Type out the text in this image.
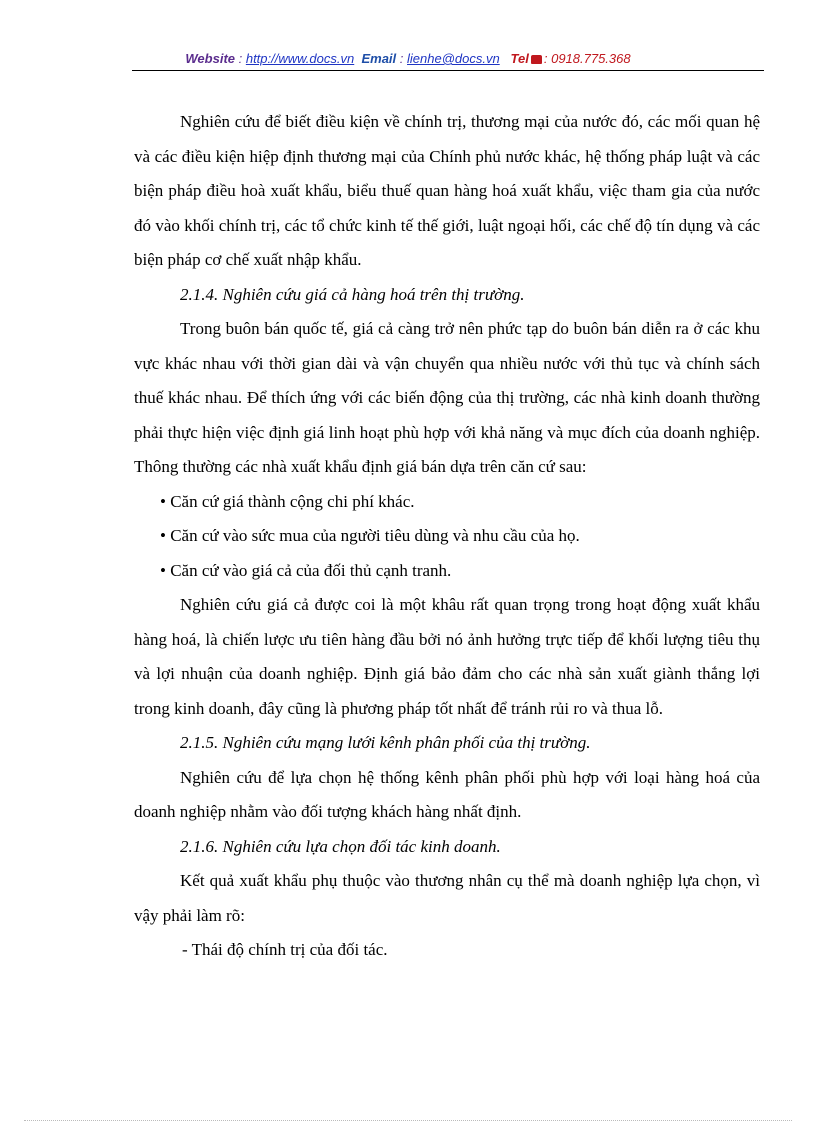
Website : http://www.docs.vn Email : lienhe@docs.vn Tel : 0918.775.368

Nghiên cứu để biết điều kiện về chính trị, thương mại của nước đó, các mối quan hệ và các điều kiện hiệp định thương mại của Chính phủ nước khác, hệ thống pháp luật và các biện pháp điều hoà xuất khẩu, biểu thuế quan hàng hoá xuất khẩu, việc tham gia của nước đó vào khối chính trị, các tổ chức kinh tế thế giới, luật ngoại hối, các chế độ tín dụng và các biện pháp cơ chế xuất nhập khẩu.

2.1.4. Nghiên cứu giá cả hàng hoá trên thị trường.

Trong buôn bán quốc tế, giá cả càng trở nên phức tạp do buôn bán diễn ra ở các khu vực khác nhau với thời gian dài và vận chuyển qua nhiều nước với thủ tục và chính sách thuế khác nhau. Để thích ứng với các biến động của thị trường, các nhà kinh doanh thường phải thực hiện việc định giá linh hoạt phù hợp với khả năng và mục đích của doanh nghiệp. Thông thường các nhà xuất khẩu định giá bán dựa trên căn cứ sau:

• Căn cứ giá thành cộng chi phí khác.

• Căn cứ vào sức mua của người tiêu dùng và nhu cầu của họ.

• Căn cứ vào giá cả của đối thủ cạnh tranh.

Nghiên cứu giá cả được coi là một khâu rất quan trọng trong hoạt động xuất khẩu hàng hoá, là chiến lược ưu tiên hàng đầu bởi nó ảnh hưởng trực tiếp để khối lượng tiêu thụ và lợi nhuận của doanh nghiệp. Định giá bảo đảm cho các nhà sản xuất giành thắng lợi trong kinh doanh, đây cũng là phương pháp tốt nhất để tránh rủi ro và thua lỗ.

2.1.5. Nghiên cứu mạng lưới kênh phân phối của thị trường.

Nghiên cứu để lựa chọn hệ thống kênh phân phối phù hợp với loại hàng hoá của doanh nghiệp nhằm vào đối tượng khách hàng nhất định.

2.1.6. Nghiên cứu lựa chọn đối tác kinh doanh.

Kết quả xuất khẩu phụ thuộc vào thương nhân cụ thể mà doanh nghiệp lựa chọn, vì vậy phải làm rõ:

- Thái độ chính trị của đối tác.
